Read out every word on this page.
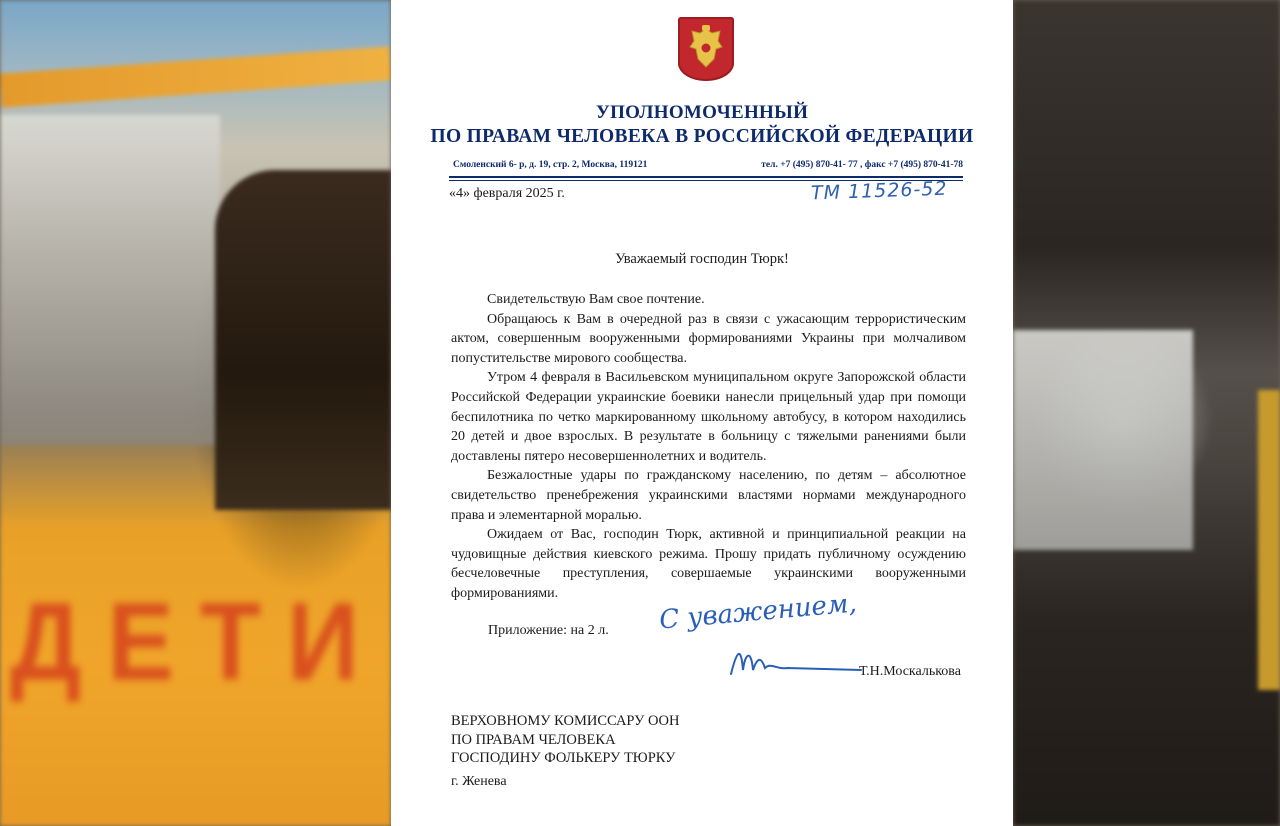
ДЕТИ
УПОЛНОМОЧЕННЫЙ
ПО ПРАВАМ ЧЕЛОВЕКА В РОССИЙСКОЙ ФЕДЕРАЦИИ
Смоленский 6- р, д. 19, стр. 2, Москва, 119121	тел. +7 (495) 870-41- 77 , факс +7 (495) 870-41-78
«4» февраля 2025 г.	ТМ 11526-52
Уважаемый господин Тюрк!

Свидетельствую Вам свое почтение.

Обращаюсь к Вам в очередной раз в связи с ужасающим террористическим актом, совершенным вооруженными формированиями Украины при молчаливом попустительстве мирового сообщества.

Утром 4 февраля в Васильевском муниципальном округе Запорожской области Российской Федерации украинские боевики нанесли прицельный удар при помощи беспилотника по четко маркированному школьному автобусу, в котором находились 20 детей и двое взрослых. В результате в больницу с тяжелыми ранениями были доставлены пятеро несовершеннолетних и водитель.

Безжалостные удары по гражданскому населению, по детям – абсолютное свидетельство пренебрежения украинскими властями нормами международного права и элементарной моралью.

Ожидаем от Вас, господин Тюрк, активной и принципиальной реакции на чудовищные действия киевского режима. Прошу придать публичному осуждению бесчеловечные преступления, совершаемые украинскими вооруженными формированиями.

Приложение: на 2 л. С уважением,
Т.Н.Москалькова
ВЕРХОВНОМУ КОМИССАРУ ООН
ПО ПРАВАМ ЧЕЛОВЕКА
ГОСПОДИНУ ФОЛЬКЕРУ ТЮРКУ
г. Женева
